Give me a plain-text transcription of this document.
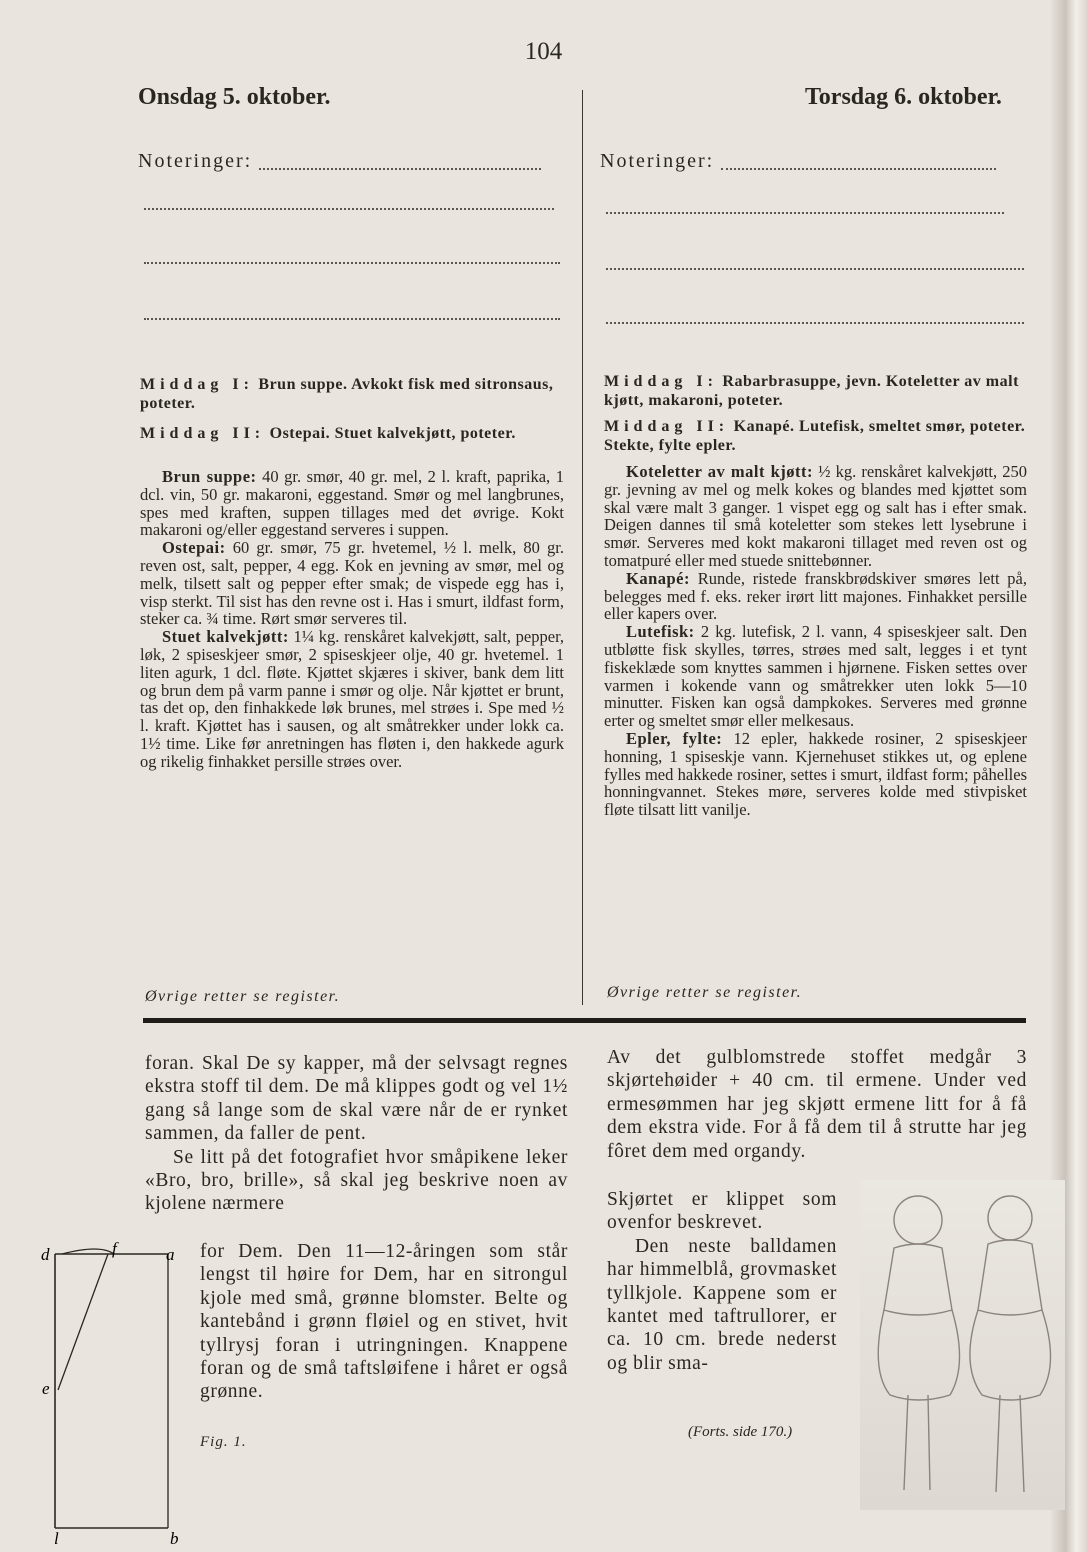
104
Onsdag 5. oktober.
Noteringer:
Middag I: Brun suppe. Avkokt fisk med sitronsaus, poteter.
Middag II: Ostepai. Stuet kalvekjøtt, poteter.

Brun suppe: 40 gr. smør, 40 gr. mel, 2 l. kraft, paprika, 1 dcl. vin, 50 gr. makaroni, eggestand. Smør og mel langbrunes, spes med kraften, suppen tillages med det øvrige. Kokt makaroni og/eller eggestand serveres i suppen.

Ostepai: 60 gr. smør, 75 gr. hvetemel, ½ l. melk, 80 gr. reven ost, salt, pepper, 4 egg. Kok en jevning av smør, mel og melk, tilsett salt og pepper efter smak; de vispede egg has i, visp sterkt. Til sist has den revne ost i. Has i smurt, ildfast form, steker ca. ¾ time. Rørt smør serveres til.

Stuet kalvekjøtt: 1¼ kg. renskåret kalvekjøtt, salt, pepper, løk, 2 spiseskjeer smør, 2 spiseskjeer olje, 40 gr. hvetemel. 1 liten agurk, 1 dcl. fløte. Kjøttet skjæres i skiver, bank dem litt og brun dem på varm panne i smør og olje. Når kjøttet er brunt, tas det op, den finhakkede løk brunes, mel strøes i. Spe med ½ l. kraft. Kjøttet has i sausen, og alt småtrekker under lokk ca. 1½ time. Like før anretningen has fløten i, den hakkede agurk og rikelig finhakket persille strøes over.

Øvrige retter se register.
Torsdag 6. oktober.
Noteringer:
Middag I: Rabarbrasuppe, jevn. Koteletter av malt kjøtt, makaroni, poteter.
Middag II: Kanapé. Lutefisk, smeltet smør, poteter. Stekte, fylte epler.

Koteletter av malt kjøtt: ½ kg. renskåret kalvekjøtt, 250 gr. jevning av mel og melk kokes og blandes med kjøttet som skal være malt 3 ganger. 1 vispet egg og salt has i efter smak. Deigen dannes til små koteletter som stekes lett lysebrune i smør. Serveres med kokt makaroni tillaget med reven ost og tomatpuré eller med stuede snittebønner.

Kanapé: Runde, ristede franskbrødskiver smøres lett på, belegges med f. eks. reker irørt litt majones. Finhakket persille eller kapers over.

Lutefisk: 2 kg. lutefisk, 2 l. vann, 4 spiseskjeer salt. Den utbløtte fisk skylles, tørres, strøes med salt, legges i et tynt fiskeklæde som knyttes sammen i hjørnene. Fisken settes over varmen i kokende vann og småtrekker uten lokk 5—10 minutter. Fisken kan også dampkokes. Serveres med grønne erter og smeltet smør eller melkesaus.

Epler, fylte: 12 epler, hakkede rosiner, 2 spiseskjeer honning, 1 spiseskje vann. Kjernehuset stikkes ut, og eplene fylles med hakkede rosiner, settes i smurt, ildfast form; påhelles honningvannet. Stekes møre, serveres kolde med stivpisket fløte tilsatt litt vanilje.

Øvrige retter se register.

foran. Skal De sy kapper, må der selvsagt regnes ekstra stoff til dem. De må klippes godt og vel 1½ gang så lange som de skal være når de er rynket sammen, da faller de pent.

Se litt på det fotografiet hvor småpikene leker «Bro, bro, brille», så skal jeg beskrive noen av kjolene nærmere

for Dem. Den 11—12-åringen som står lengst til høire for Dem, har en sitrongul kjole med små, grønne blomster. Belte og kantebånd i grønn fløiel og en stivet, hvit tyllrysj foran i utringningen. Knappene foran og de små taftsløifene i håret er også grønne.

Fig. 1.
d	f	a
e
l	b

Av det gulblomstrede stoffet medgår 3 skjørtehøider + 40 cm. til ermene. Under ved ermesømmen har jeg skjøtt ermene litt for å få dem ekstra vide. For å få dem til å strutte har jeg fôret dem med organdy.

Skjørtet er klippet som ovenfor beskrevet.

Den neste balldamen har himmelblå, grovmasket tyllkjole. Kappene som er kantet med taftrullorer, er ca. 10 cm. brede nederst og blir sma-

(Forts. side 170.)
